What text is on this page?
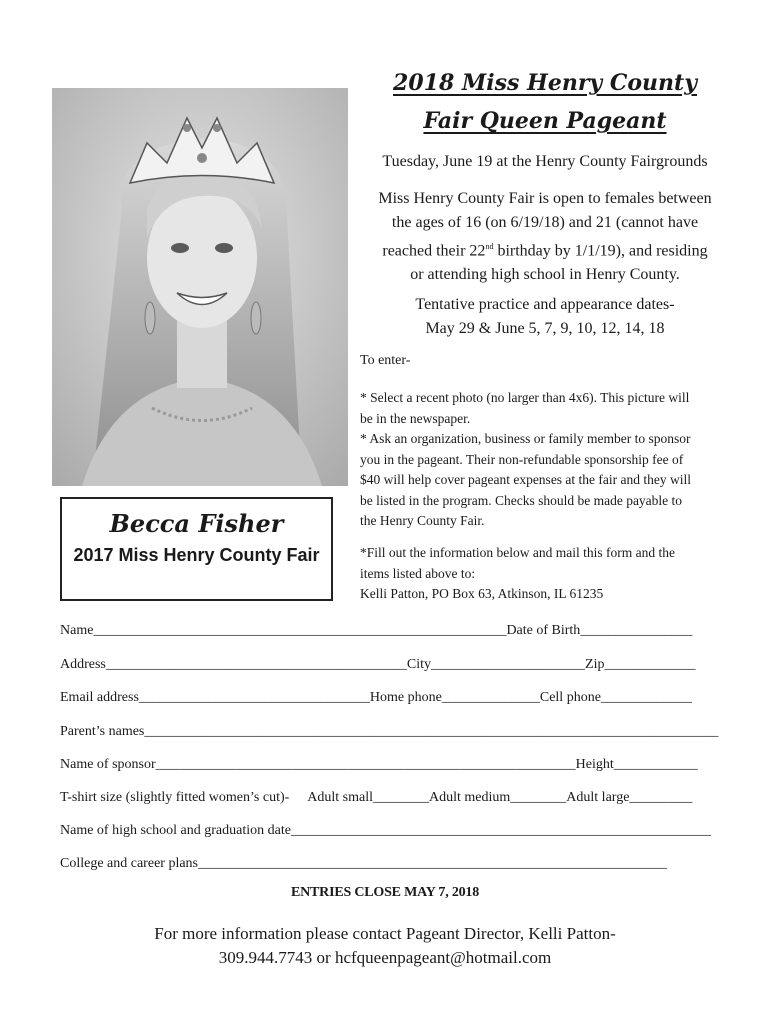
Becca Fisher
2017 Miss Henry County Fair
2018 Miss Henry County
Fair Queen Pageant
Tuesday, June 19 at the Henry County Fairgrounds
Miss Henry County Fair is open to females between
the ages of 16 (on 6/19/18) and 21 (cannot have
reached their 22nd birthday by 1/1/19), and residing
or attending high school in Henry County.
Tentative practice and appearance dates-
May 29 & June 5, 7, 9, 10, 12, 14, 18
To enter-
* Select a recent photo (no larger than 4x6). This picture will
be in the newspaper.
* Ask an organization, business or family member to sponsor
you in the pageant. Their non-refundable sponsorship fee of
$40 will help cover pageant expenses at the fair and they will
be listed in the program. Checks should be made payable to
the Henry County Fair.
*Fill out the information below and mail this form and the
items listed above to:
Kelli Patton, PO Box 63, Atkinson, IL 61235
Name___________________________________________________________Date of Birth________________
Address___________________________________________City______________________Zip_____________
Email address_________________________________Home phone______________Cell phone_____________
Parent’s names__________________________________________________________________________________
Name of sponsor____________________________________________________________Height____________
T-shirt size (slightly fitted women’s cut)- Adult small________Adult medium________Adult large_________
Name of high school and graduation date____________________________________________________________
College and career plans___________________________________________________________________
ENTRIES CLOSE MAY 7, 2018
For more information please contact Pageant Director, Kelli Patton-
309.944.7743 or hcfqueenpageant@hotmail.com
